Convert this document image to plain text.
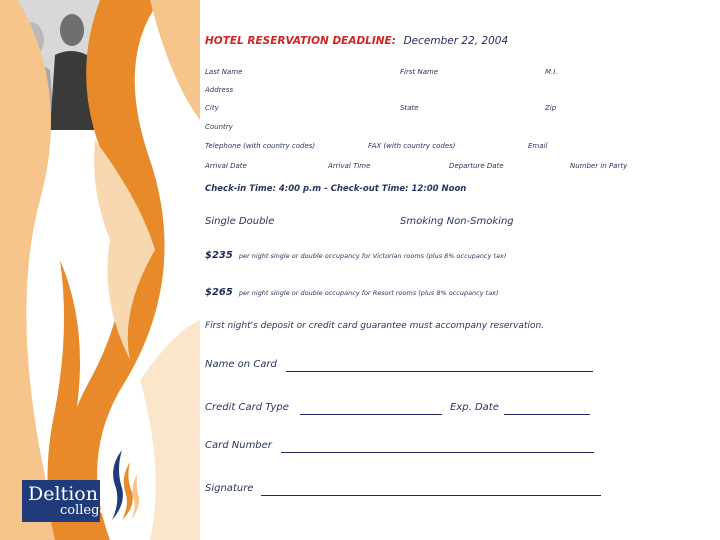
Deltion
college
HOTEL RESERVATION DEADLINE: December 22, 2004
Last Name	First Name	M.I.
Address
City	State	Zip
Country
Telephone (with country codes)	FAX (with country codes)	Email
Arrival Date	Arrival Time	Departure Date	Number in Party
Check-in Time: 4:00 p.m - Check-out Time: 12:00 Noon
Single Double	Smoking Non-Smoking
$235 per night single or double occupancy for Victorian rooms (plus 8% occupancy tax)
$265 per night single or double occupancy for Resort rooms (plus 8% occupancy tax)
First night's deposit or credit card guarantee must accompany reservation.
Name on Card
Credit Card Type	Exp. Date
Card Number
Signature
